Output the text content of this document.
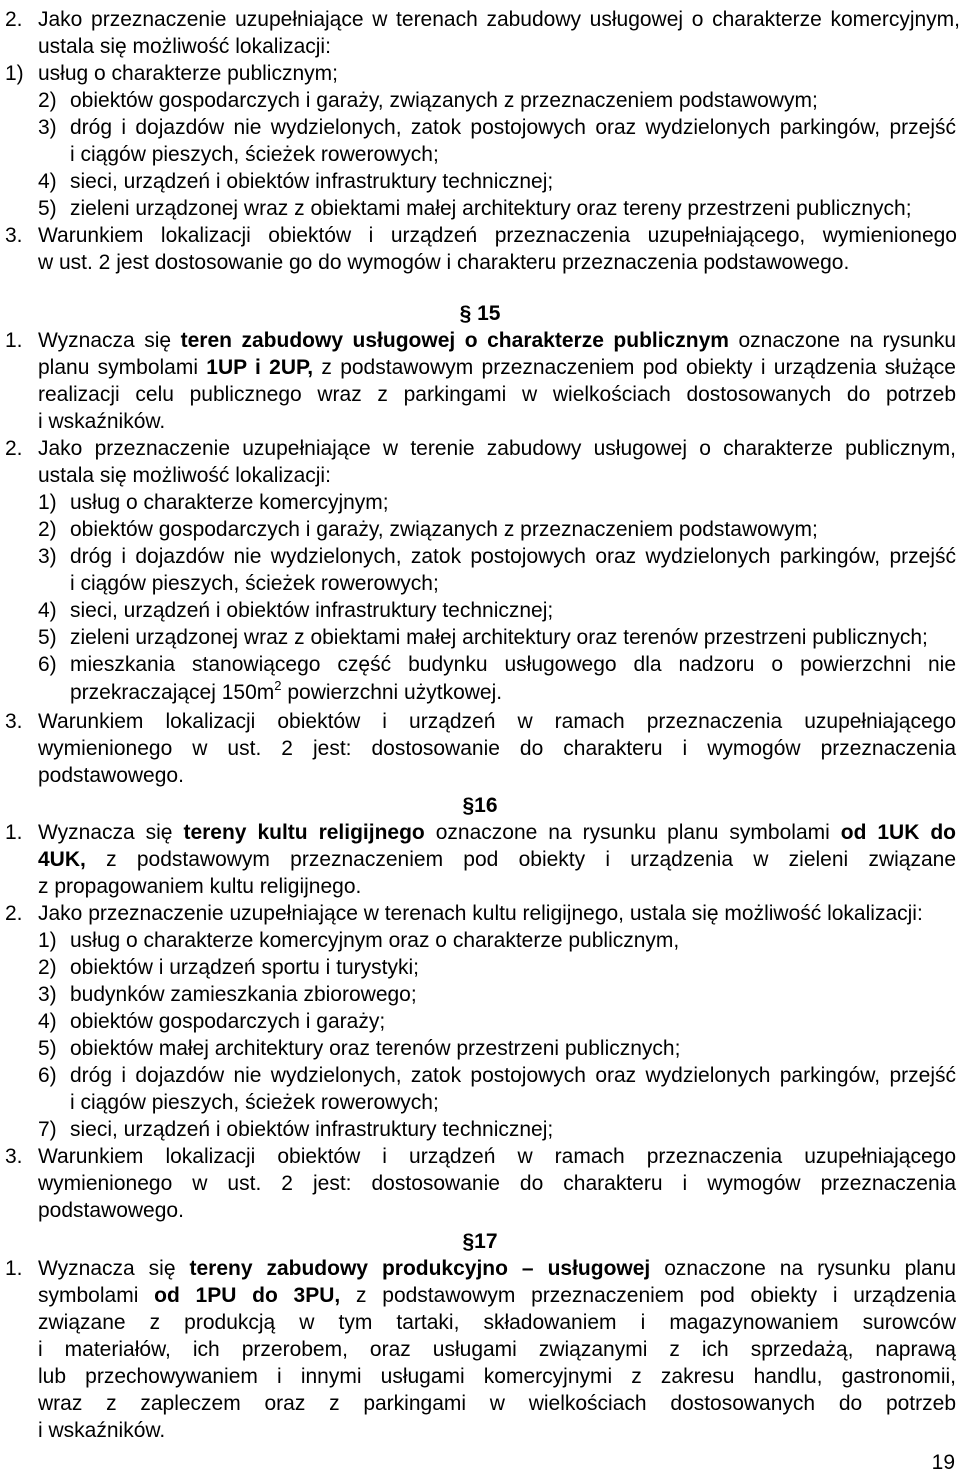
2. Jako przeznaczenie uzupełniające w terenach zabudowy usługowej o charakterze komercyjnym,
ustala się możliwość lokalizacji:
1) usług o charakterze publicznym;
2) obiektów gospodarczych i garaży, związanych z przeznaczeniem podstawowym;
3) dróg i dojazdów nie wydzielonych, zatok postojowych oraz wydzielonych parkingów, przejść
i ciągów pieszych, ścieżek rowerowych;
4) sieci, urządzeń i obiektów infrastruktury technicznej;
5) zieleni urządzonej wraz z obiektami małej architektury oraz tereny przestrzeni publicznych;
3. Warunkiem lokalizacji obiektów i urządzeń przeznaczenia uzupełniającego, wymienionego
w ust. 2 jest dostosowanie go do wymogów i charakteru przeznaczenia podstawowego.
§ 15
1. Wyznacza się teren zabudowy usługowej o charakterze publicznym oznaczone na rysunku
planu symbolami 1UP i 2UP, z podstawowym przeznaczeniem pod obiekty i urządzenia służące
realizacji celu publicznego wraz z parkingami w wielkościach dostosowanych do potrzeb
i wskaźników.
2. Jako przeznaczenie uzupełniające w terenie zabudowy usługowej o charakterze publicznym,
ustala się możliwość lokalizacji:
1) usług o charakterze komercyjnym;
2) obiektów gospodarczych i garaży, związanych z przeznaczeniem podstawowym;
3) dróg i dojazdów nie wydzielonych, zatok postojowych oraz wydzielonych parkingów, przejść
i ciągów pieszych, ścieżek rowerowych;
4) sieci, urządzeń i obiektów infrastruktury technicznej;
5) zieleni urządzonej wraz z obiektami małej architektury oraz terenów przestrzeni publicznych;
6) mieszkania stanowiącego część budynku usługowego dla nadzoru o powierzchni nie
przekraczającej $150m^2$ powierzchni użytkowej.
3. Warunkiem lokalizacji obiektów i urządzeń w ramach przeznaczenia uzupełniającego
wymienionego w ust. 2 jest: dostosowanie do charakteru i wymogów przeznaczenia
podstawowego.
§16
1. Wyznacza się tereny kultu religijnego oznaczone na rysunku planu symbolami od 1UK do
4UK, z podstawowym przeznaczeniem pod obiekty i urządzenia w zieleni związane
z propagowaniem kultu religijnego.
2. Jako przeznaczenie uzupełniające w terenach kultu religijnego, ustala się możliwość lokalizacji:
1) usług o charakterze komercyjnym oraz o charakterze publicznym,
2) obiektów i urządzeń sportu i turystyki;
3) budynków zamieszkania zbiorowego;
4) obiektów gospodarczych i garaży;
5) obiektów małej architektury oraz terenów przestrzeni publicznych;
6) dróg i dojazdów nie wydzielonych, zatok postojowych oraz wydzielonych parkingów, przejść
i ciągów pieszych, ścieżek rowerowych;
7) sieci, urządzeń i obiektów infrastruktury technicznej;
3. Warunkiem lokalizacji obiektów i urządzeń w ramach przeznaczenia uzupełniającego
wymienionego w ust. 2 jest: dostosowanie do charakteru i wymogów przeznaczenia
podstawowego.
§17
1. Wyznacza się tereny zabudowy produkcyjno – usługowej oznaczone na rysunku planu
symbolami od 1PU do 3PU, z podstawowym przeznaczeniem pod obiekty i urządzenia
związane z produkcją w tym tartaki, składowaniem i magazynowaniem surowców
i materiałów, ich przerobem, oraz usługami związanymi z ich sprzedażą, naprawą
lub przechowywaniem i innymi usługami komercyjnymi z zakresu handlu, gastronomii,
wraz z zapleczem oraz z parkingami w wielkościach dostosowanych do potrzeb
i wskaźników.
19
